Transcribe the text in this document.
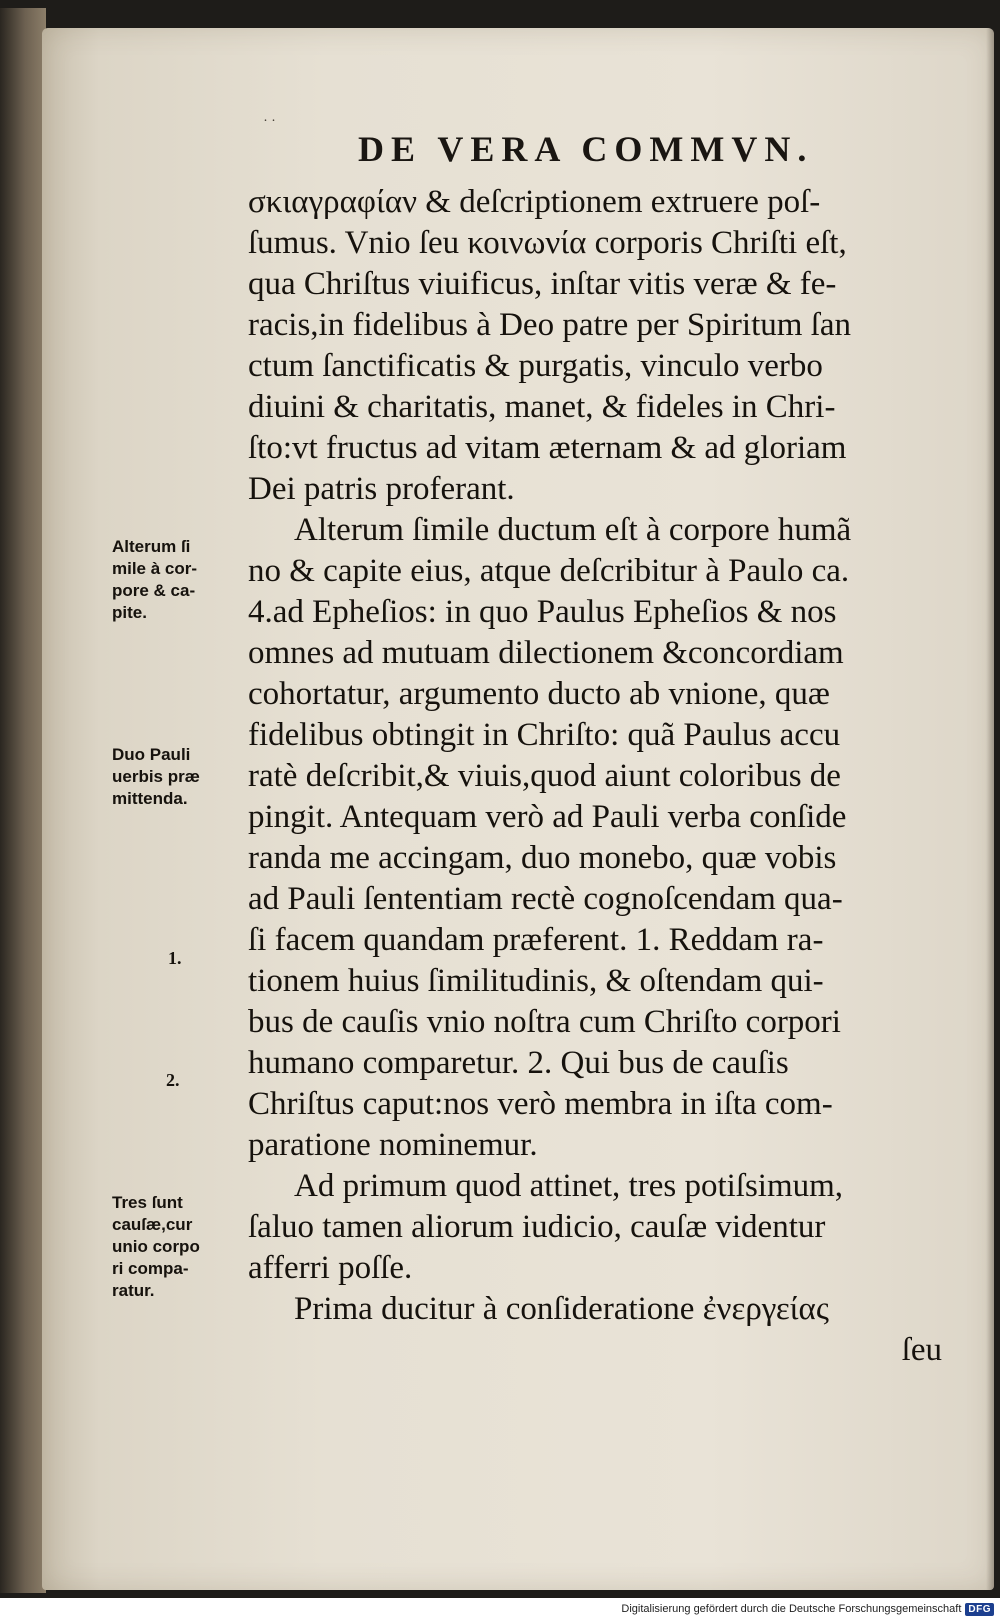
˙˙
DE VERA COMMVN.
σκιαγραφίαν & deſcriptionem extruere poſ-
ſumus. Vnio ſeu κοινωνία corporis Chriſti eſt,
qua Chriſtus viuificus, inſtar vitis veræ & fe-
racis,in fidelibus à Deo patre per Spiritum ſan
ctum ſanctificatis & purgatis, vinculo verbo
diuini & charitatis, manet, & fideles in Chri-
ſto:vt fructus ad vitam æternam & ad gloriam
Dei patris proferant.
Alterum ſimile ductum eſt à corpore humã
no & capite eius, atque deſcribitur à Paulo ca.
4.ad Epheſios: in quo Paulus Epheſios & nos
omnes ad mutuam dilectionem &concordiam
cohortatur, argumento ducto ab vnione, quæ
fidelibus obtingit in Chriſto: quã Paulus accu
ratè deſcribit,& viuis,quod aiunt coloribus de
pingit. Antequam verò ad Pauli verba conſide
randa me accingam, duo monebo, quæ vobis
ad Pauli ſententiam rectè cognoſcendam qua-
ſi facem quandam præferent. 1. Reddam ra-
tionem huius ſimilitudinis, & oſtendam qui-
bus de cauſis vnio noſtra cum Chriſto corpori
humano comparetur. 2. Qui bus de cauſis
Chriſtus caput:nos verò membra in iſta com-
paratione nominemur.
Ad primum quod attinet, tres potiſsimum,
ſaluo tamen aliorum iudicio, cauſæ videntur
afferri poſſe.
Prima ducitur à conſideratione ἐνεργείας
ſeu
Alterum ſi
mile à cor-
pore & ca-
pite.
Duo Pauli
uerbis præ
mittenda.
1.
2.
Tres ſunt
cauſæ,cur
unio corpo
ri compa-
ratur.
Digitalisierung gefördert durch die Deutsche Forschungsgemeinschaft DFG
